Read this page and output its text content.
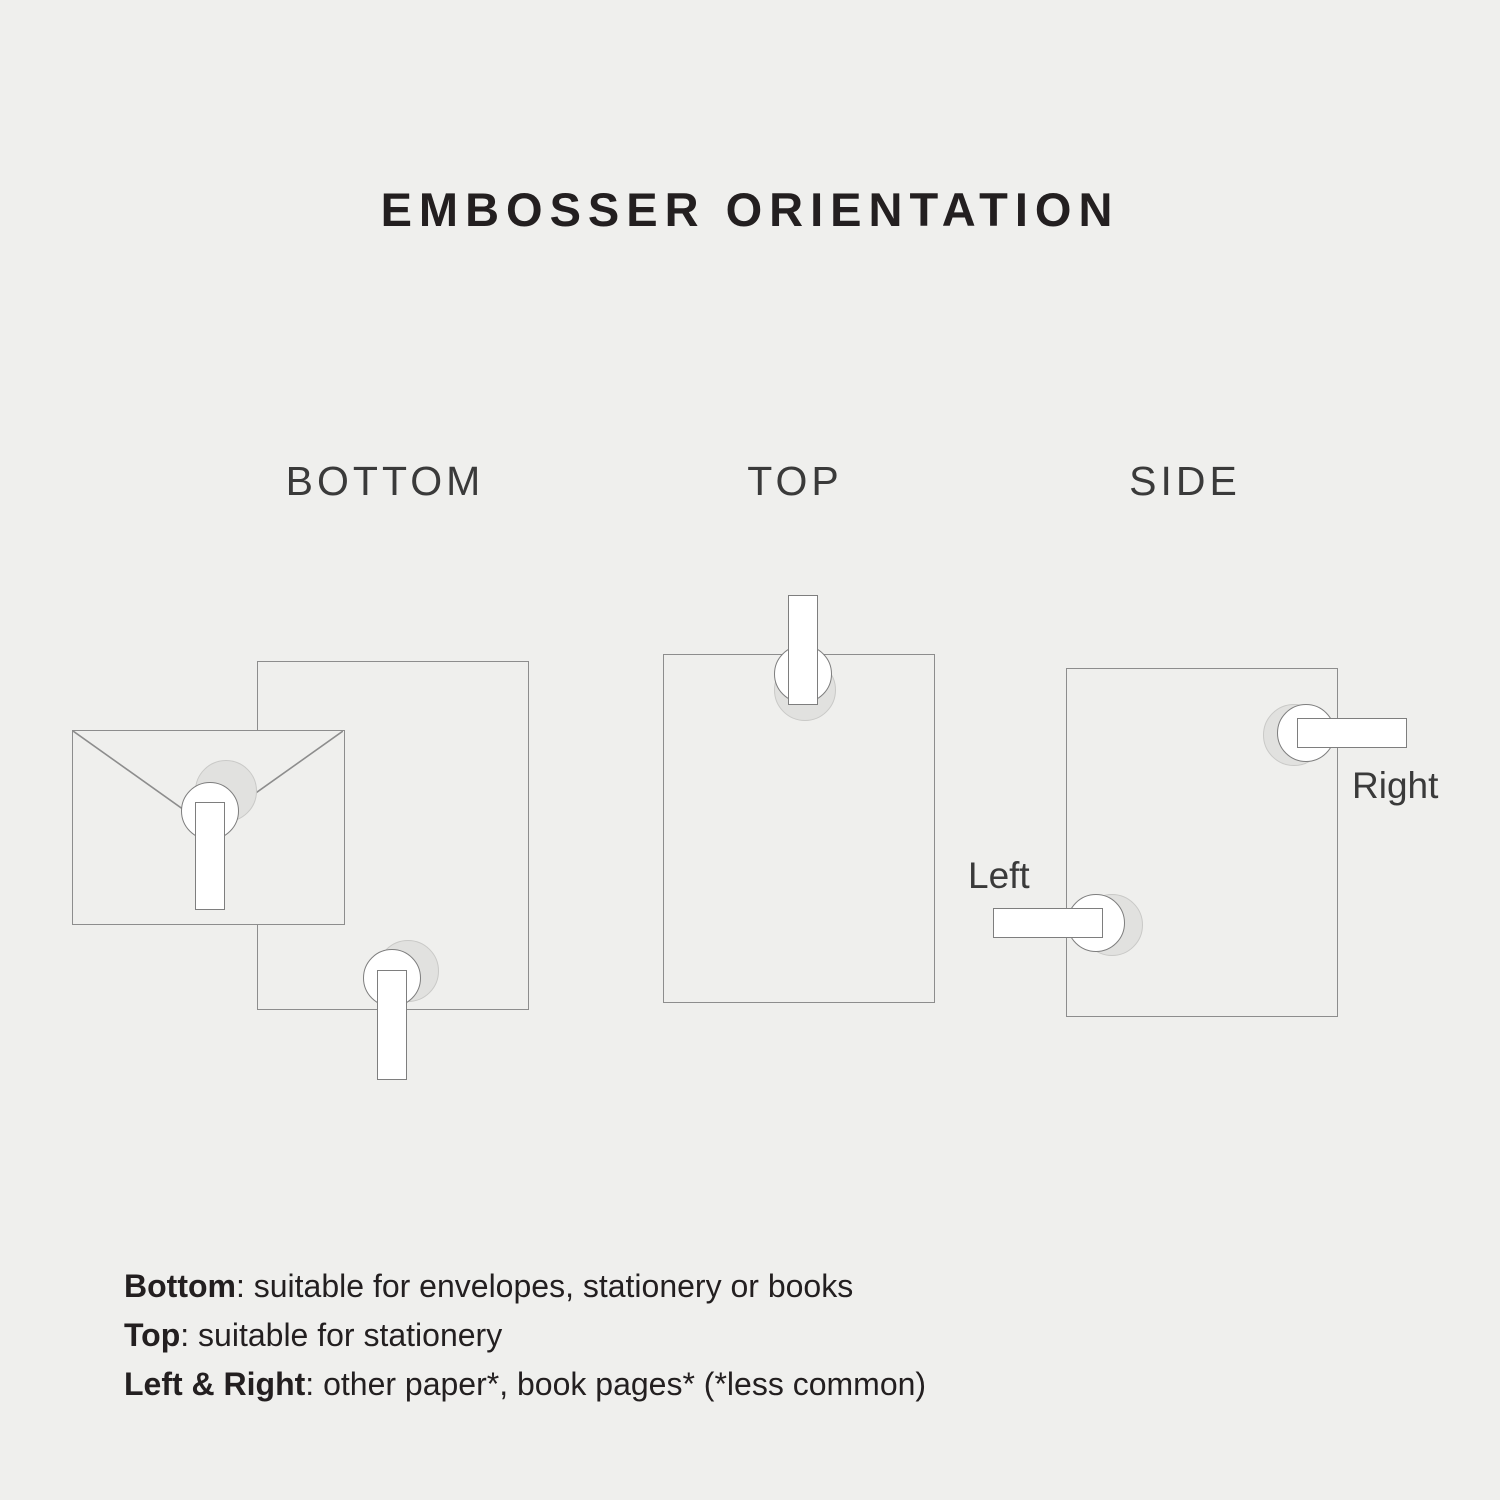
EMBOSSER ORIENTATION
BOTTOM	TOP	SIDE
Right
Left
Bottom: suitable for envelopes, stationery or books
Top: suitable for stationery
Left & Right: other paper*, book pages* (*less common)
